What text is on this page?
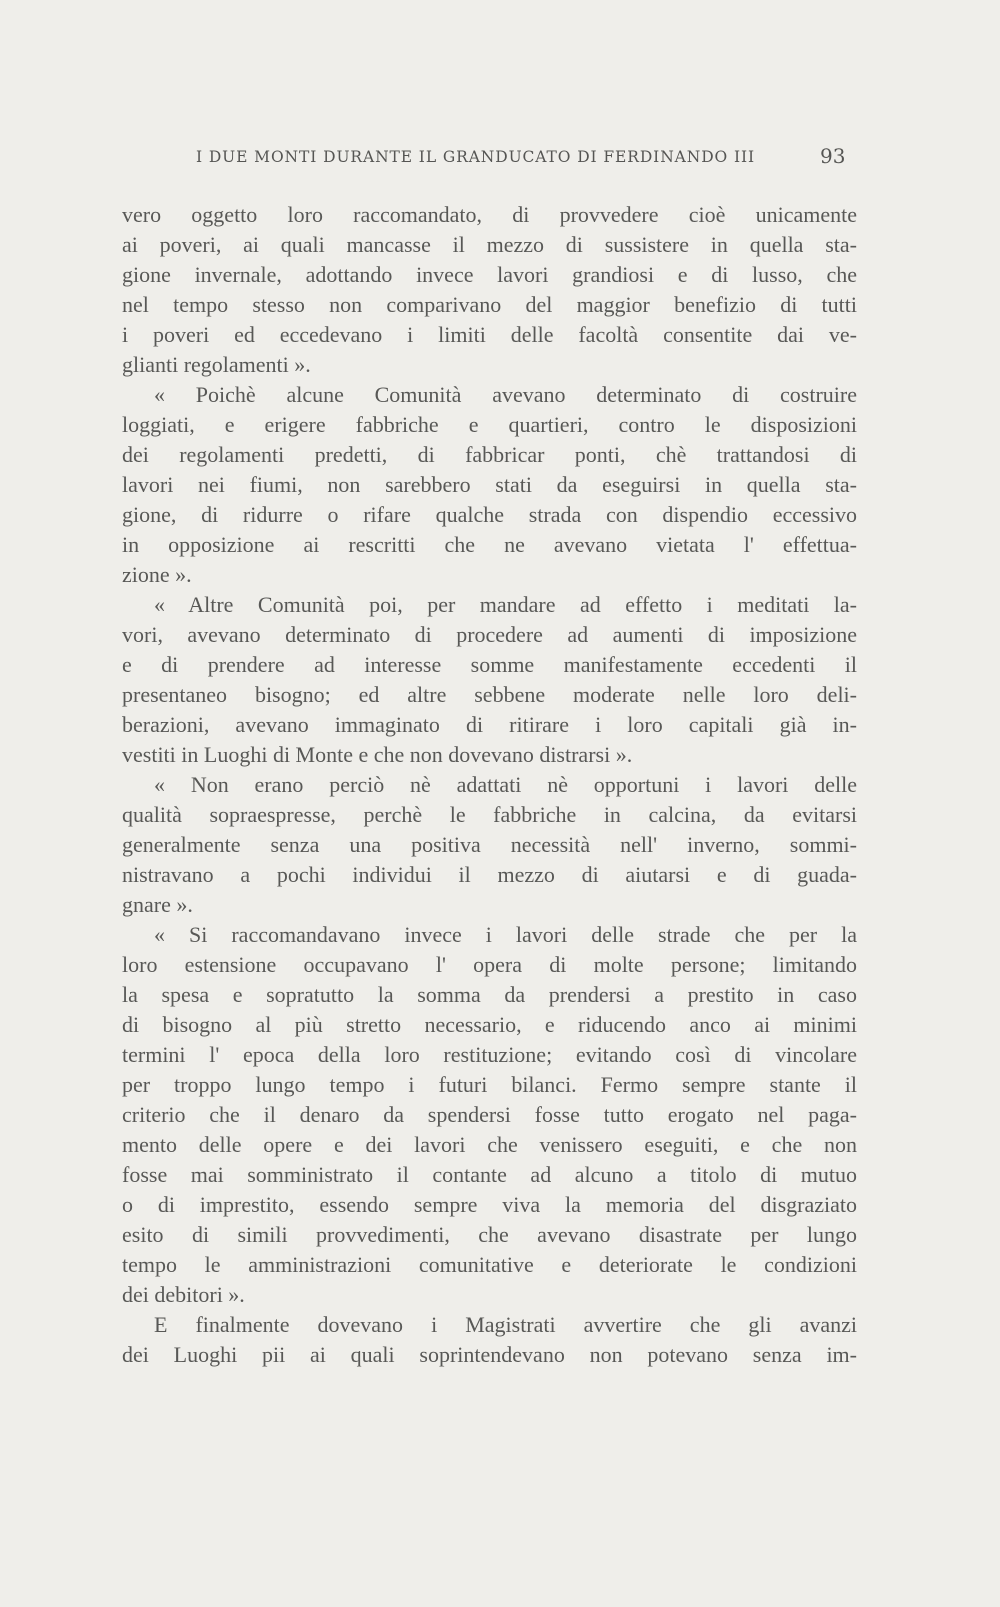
I DUE MONTI DURANTE IL GRANDUCATO DI FERDINANDO III	93
vero oggetto loro raccomandato, di provvedere cioè unicamente
ai poveri, ai quali mancasse il mezzo di sussistere in quella sta-
gione invernale, adottando invece lavori grandiosi e di lusso, che
nel tempo stesso non comparivano del maggior benefizio di tutti
i poveri ed eccedevano i limiti delle facoltà consentite dai ve-
glianti regolamenti ».
« Poichè alcune Comunità avevano determinato di costruire
loggiati, e erigere fabbriche e quartieri, contro le disposizioni
dei regolamenti predetti, di fabbricar ponti, chè trattandosi di
lavori nei fiumi, non sarebbero stati da eseguirsi in quella sta-
gione, di ridurre o rifare qualche strada con dispendio eccessivo
in opposizione ai rescritti che ne avevano vietata l' effettua-
zione ».
« Altre Comunità poi, per mandare ad effetto i meditati la-
vori, avevano determinato di procedere ad aumenti di imposizione
e di prendere ad interesse somme manifestamente eccedenti il
presentaneo bisogno; ed altre sebbene moderate nelle loro deli-
berazioni, avevano immaginato di ritirare i loro capitali già in-
vestiti in Luoghi di Monte e che non dovevano distrarsi ».
« Non erano perciò nè adattati nè opportuni i lavori delle
qualità sopraespresse, perchè le fabbriche in calcina, da evitarsi
generalmente senza una positiva necessità nell' inverno, sommi-
nistravano a pochi individui il mezzo di aiutarsi e di guada-
gnare ».
« Si raccomandavano invece i lavori delle strade che per la
loro estensione occupavano l' opera di molte persone; limitando
la spesa e sopratutto la somma da prendersi a prestito in caso
di bisogno al più stretto necessario, e riducendo anco ai minimi
termini l' epoca della loro restituzione; evitando così di vincolare
per troppo lungo tempo i futuri bilanci. Fermo sempre stante il
criterio che il denaro da spendersi fosse tutto erogato nel paga-
mento delle opere e dei lavori che venissero eseguiti, e che non
fosse mai somministrato il contante ad alcuno a titolo di mutuo
o di imprestito, essendo sempre viva la memoria del disgraziato
esito di simili provvedimenti, che avevano disastrate per lungo
tempo le amministrazioni comunitative e deteriorate le condizioni
dei debitori ».
E finalmente dovevano i Magistrati avvertire che gli avanzi
dei Luoghi pii ai quali soprintendevano non potevano senza im-
